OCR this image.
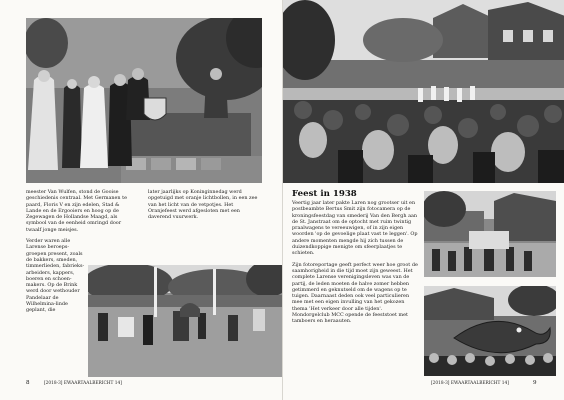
meester Van Wulfen, stond de Gooise geschiedenis centraal. Met Germanen te paard, Floris V en zijn edelen, Stad & Lande en de Ergooiers en hoog op de Zegewagen de Hollandse Maagd, als symbool van de eenheid omringd door twaalf jonge meisjes.

Verder waren alle Larense beroeps-groepen present, zoals de bakkers, smeden, timmerlieden, fabrieks-arbeiders, kappers, boeren en schoen-makers. Op de Brink werd door wethouder Pandelaar de Wilhelmina-linde geplant, die

later jaarlijks op Koninginnedag werd opgetuigd met oranje lichtbollen, in een zee van het licht van de vetpotjes. Het Oranjefeest werd afgesloten met een daverend vuurwerk.

[2018-3] EWAARTAALBERICHT 14]
8
Feest in 1938

Veertig jaar later pakte Laren nog grootser uit en postbeambte Bertus Smit zijn fotocamera op de kroningsfeestdag van smederij Van den Bergh aan de St. Janstraat om de optocht met ruim twintig praalwagens te vereeuwigen, of in zijn eigen woorden 'op de gevoelige plaat vast te leggen'. Op andere momenten mengde hij zich tussen de duizendkoppige menigte om sfeerplaatjes te schieten.

Zijn fotoreportage geeft perfect weer hoe groot de saamhorigheid in die tijd moet zijn geweest. Het complete Larense verenigingsleven was van de partij, de leden moeten de halve zomer hebben getimmerd en geknutseld om de wagens op te tuigen. Daarnaast deden ook veel particulieren mee met een eigen invulling van het gekozen thema 'Het verkeer door alle tijden'. Mondorgelclub MCC opende de feeststoet met tamboers en heraauten.

[2018-3] EWAARTAALBERICHT 14]	9
